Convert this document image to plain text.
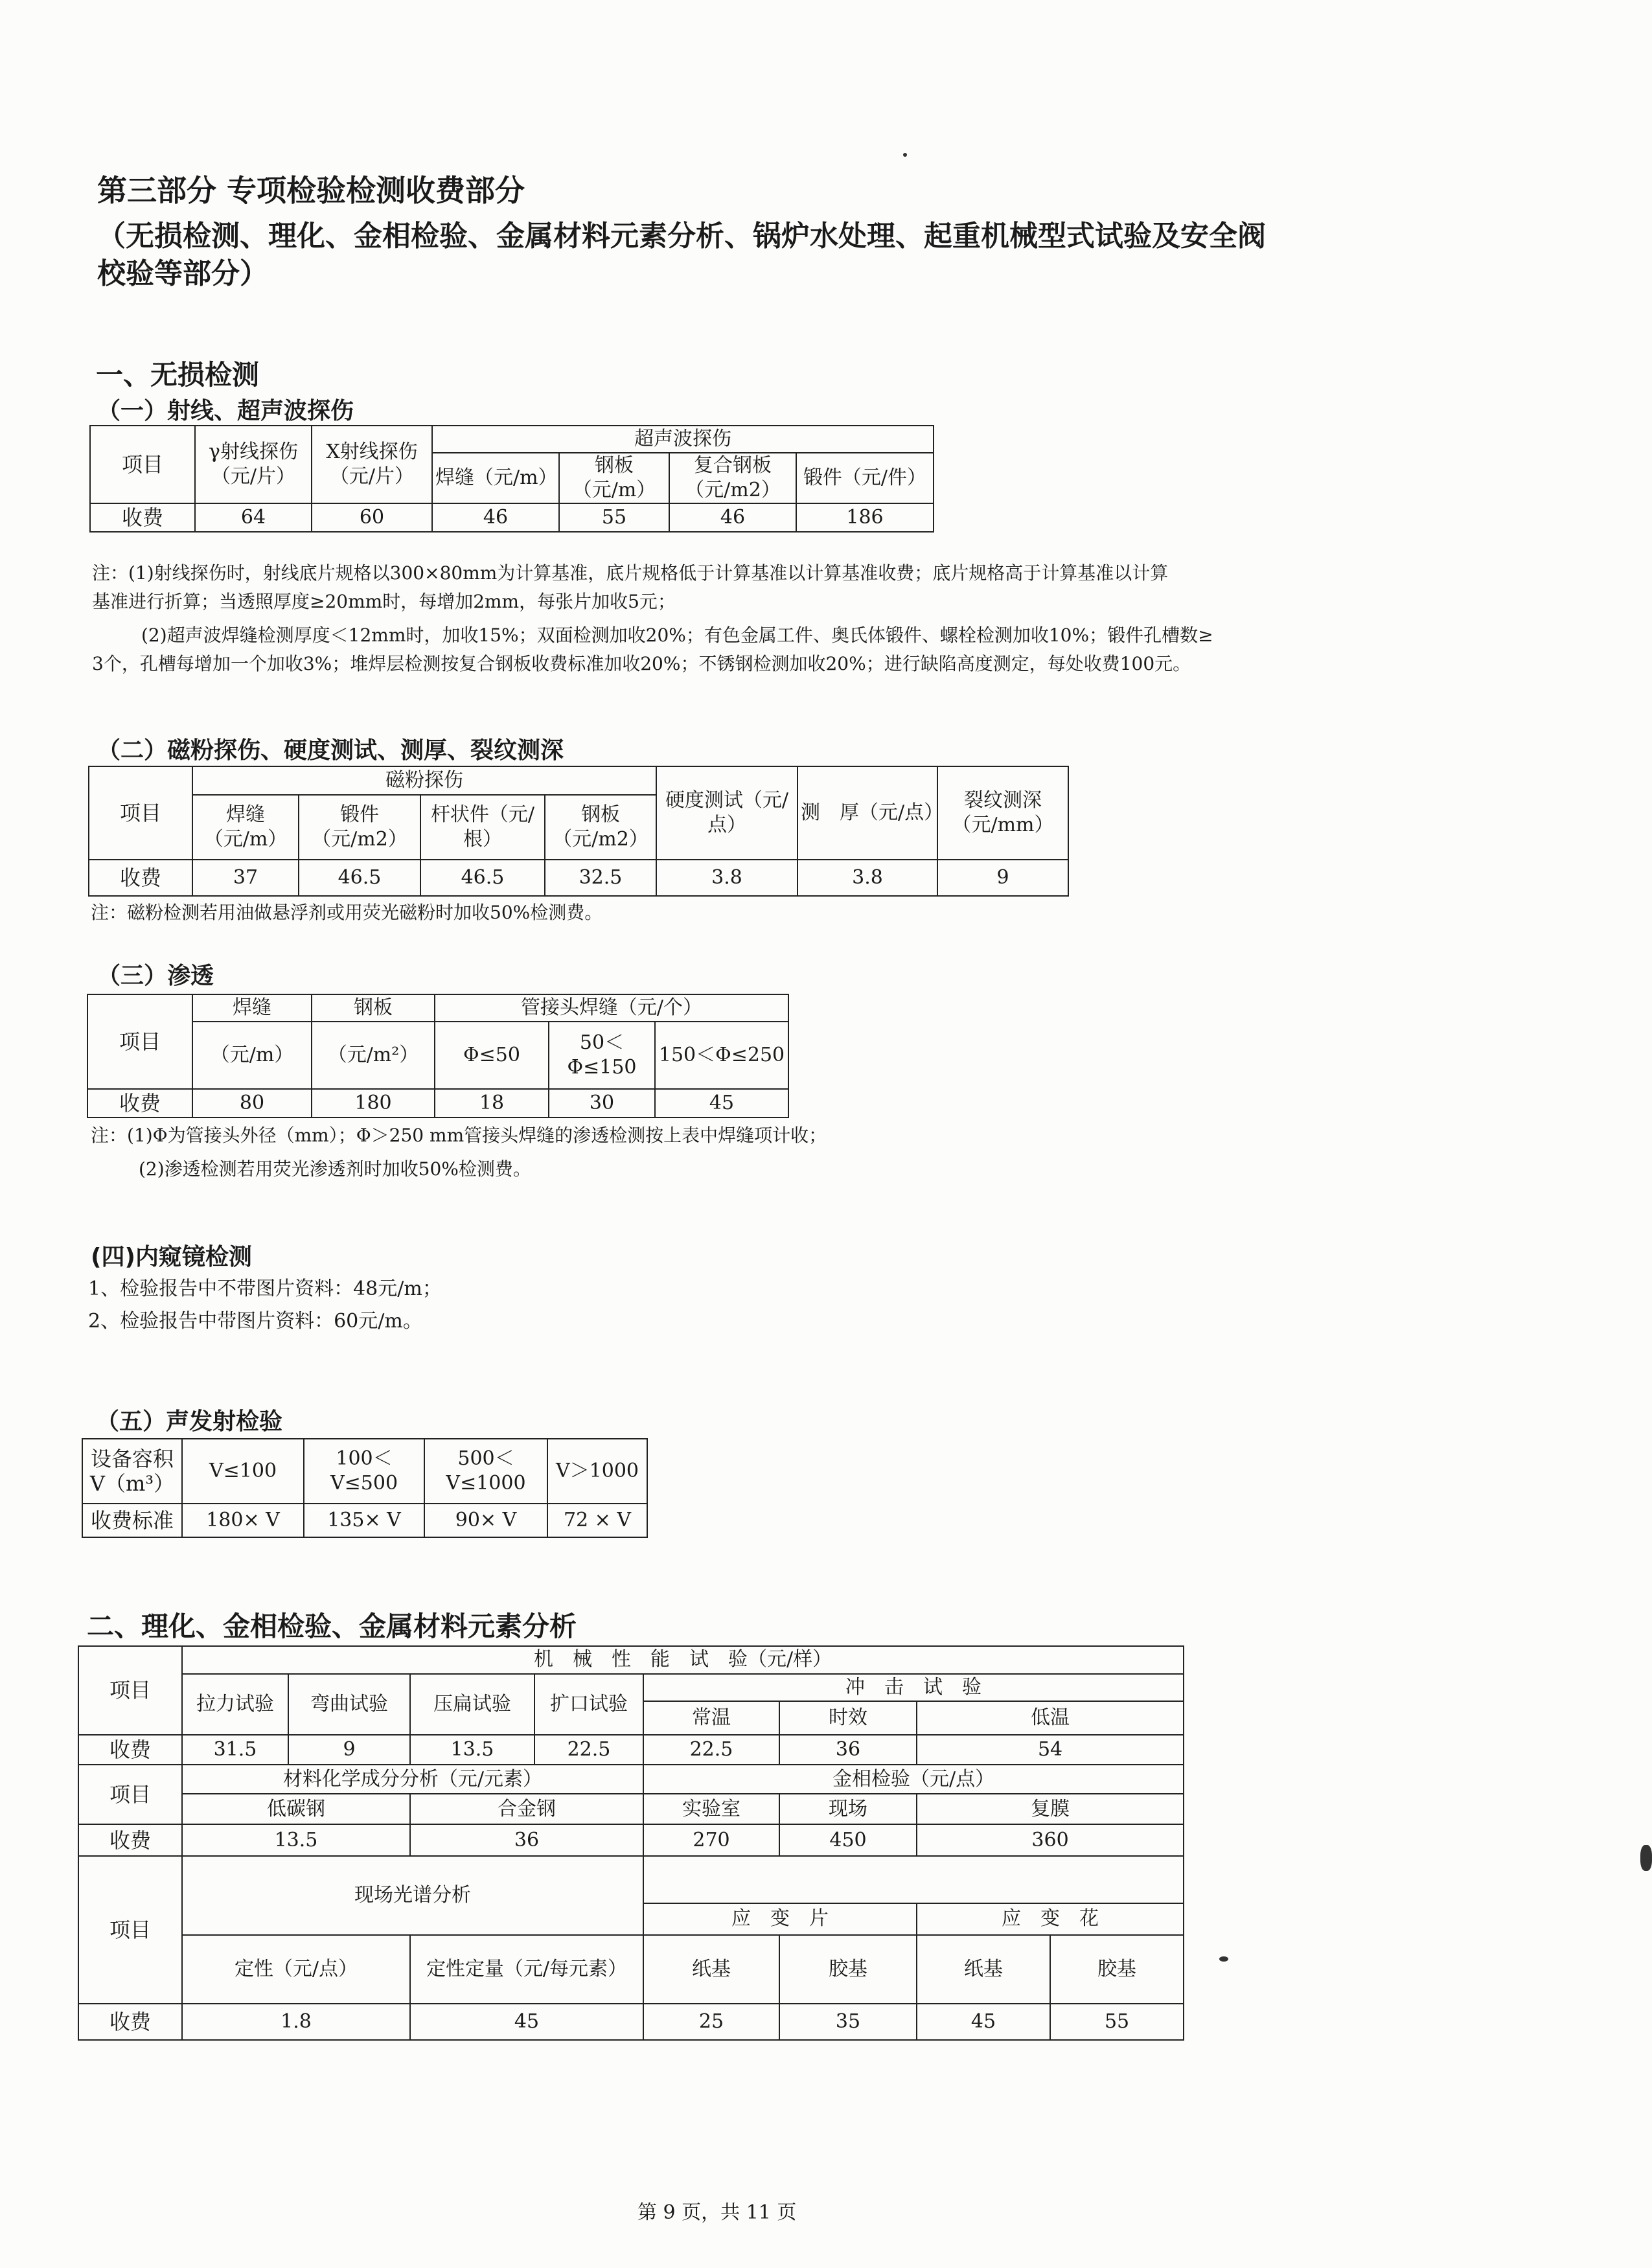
第三部分 专项检验检测收费部分
（无损检测、理化、金相检验、金属材料元素分析、锅炉水处理、起重机械型式试验及安全阀
校验等部分）
一、无损检测
（一）射线、超声波探伤
项目	γ射线探伤（元/片）	X射线探伤（元/片）	超声波探伤			
			焊缝（元/m）	钢板（元/m）	复合钢板（元/m2）	锻件（元/件）
收费	64	60	46	55	46	186
注：(1)射线探伤时，射线底片规格以300×80mm为计算基准，底片规格低于计算基准以计算基准收费；底片规格高于计算基准以计算
基准进行折算；当透照厚度≥20mm时，每增加2mm，每张片加收5元；
(2)超声波焊缝检测厚度＜12mm时，加收15%；双面检测加收20%；有色金属工件、奥氏体锻件、螺栓检测加收10%；锻件孔槽数≥
3个，孔槽每增加一个加收3%；堆焊层检测按复合钢板收费标准加收20%；不锈钢检测加收20%；进行缺陷高度测定，每处收费100元。
（二）磁粉探伤、硬度测试、测厚、裂纹测深
项目	磁粉探伤				硬度测试（元/点）	测　厚（元/点）	裂纹测深（元/mm）
	焊缝（元/m）	锻件（元/m2）	杆状件（元/根）	钢板（元/m2）			
收费	37	46.5	46.5	32.5	3.8	3.8	9
注：磁粉检测若用油做悬浮剂或用荧光磁粉时加收50%检测费。
（三）渗透
项目	焊缝	钢板	管接头焊缝（元/个）		
	（元/m）	（元/m²）	Φ≤50	50＜Φ≤150	150＜Φ≤250
收费	80	180	18	30	45
注：(1)Φ为管接头外径（mm）；Φ＞250 mm管接头焊缝的渗透检测按上表中焊缝项计收；
(2)渗透检测若用荧光渗透剂时加收50%检测费。
(四)内窥镜检测
1、检验报告中不带图片资料：48元/m；
2、检验报告中带图片资料：60元/m。
（五）声发射检验
设备容积V（m³）	V≤100	100＜V≤500	500＜V≤1000	V＞1000
收费标准	180× V	135× V	90× V	72 × V
二、理化、金相检验、金属材料元素分析
项目	机　械　性　能　试　验（元/样）							
	拉力试验	弯曲试验	压扁试验	扩口试验	冲　击　试　验			
					常温	时效	低温	
收费	31.5	9	13.5	22.5	22.5	36	54	
项目	材料化学成分分析（元/元素）				金相检验（元/点）			
	低碳钢		合金钢		实验室	现场	复膜	
收费	13.5		36		270	450	360	
项目	现场光谱分析							
					应　变　片		应　变　花	
	定性（元/点）		定性定量（元/每元素）		纸基	胶基	纸基	胶基
收费	1.8		45		25	35	45	55
第 9 页，共 11 页
